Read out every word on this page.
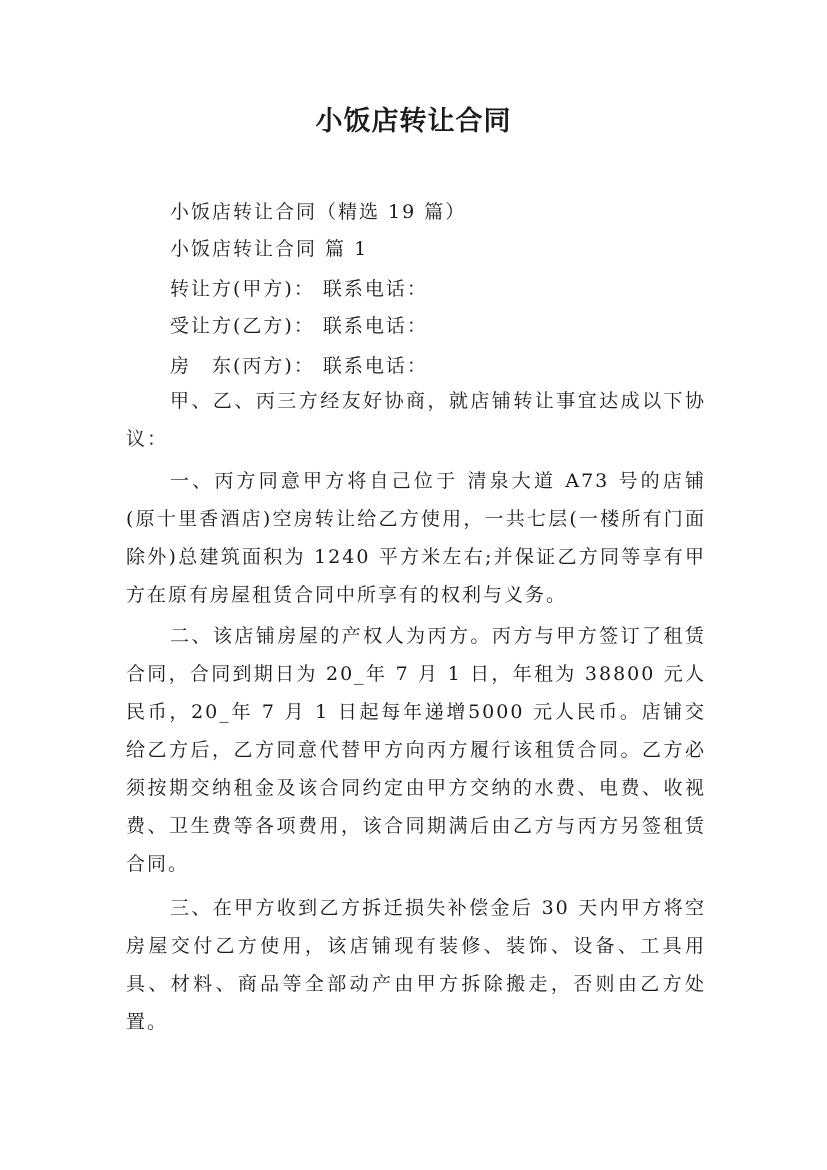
小饭店转让合同
小饭店转让合同（精选 19 篇）
小饭店转让合同 篇 1
转让方(甲方)： 联系电话：
受让方(乙方)： 联系电话：
房　东(丙方)： 联系电话：

甲、乙、丙三方经友好协商，就店铺转让事宜达成以下协议：

一、丙方同意甲方将自己位于 清泉大道 A73 号的店铺(原十里香酒店)空房转让给乙方使用，一共七层(一楼所有门面除外)总建筑面积为 1240 平方米左右;并保证乙方同等享有甲方在原有房屋租赁合同中所享有的权利与义务。

二、该店铺房屋的产权人为丙方。丙方与甲方签订了租赁合同，合同到期日为 20_年 7 月 1 日，年租为 38800 元人民币，20_年 7 月 1 日起每年递增5000 元人民币。店铺交给乙方后，乙方同意代替甲方向丙方履行该租赁合同。乙方必须按期交纳租金及该合同约定由甲方交纳的水费、电费、收视费、卫生费等各项费用，该合同期满后由乙方与丙方另签租赁合同。

三、在甲方收到乙方拆迁损失补偿金后 30 天内甲方将空房屋交付乙方使用，该店铺现有装修、装饰、设备、工具用具、材料、商品等全部动产由甲方拆除搬走，否则由乙方处置。
